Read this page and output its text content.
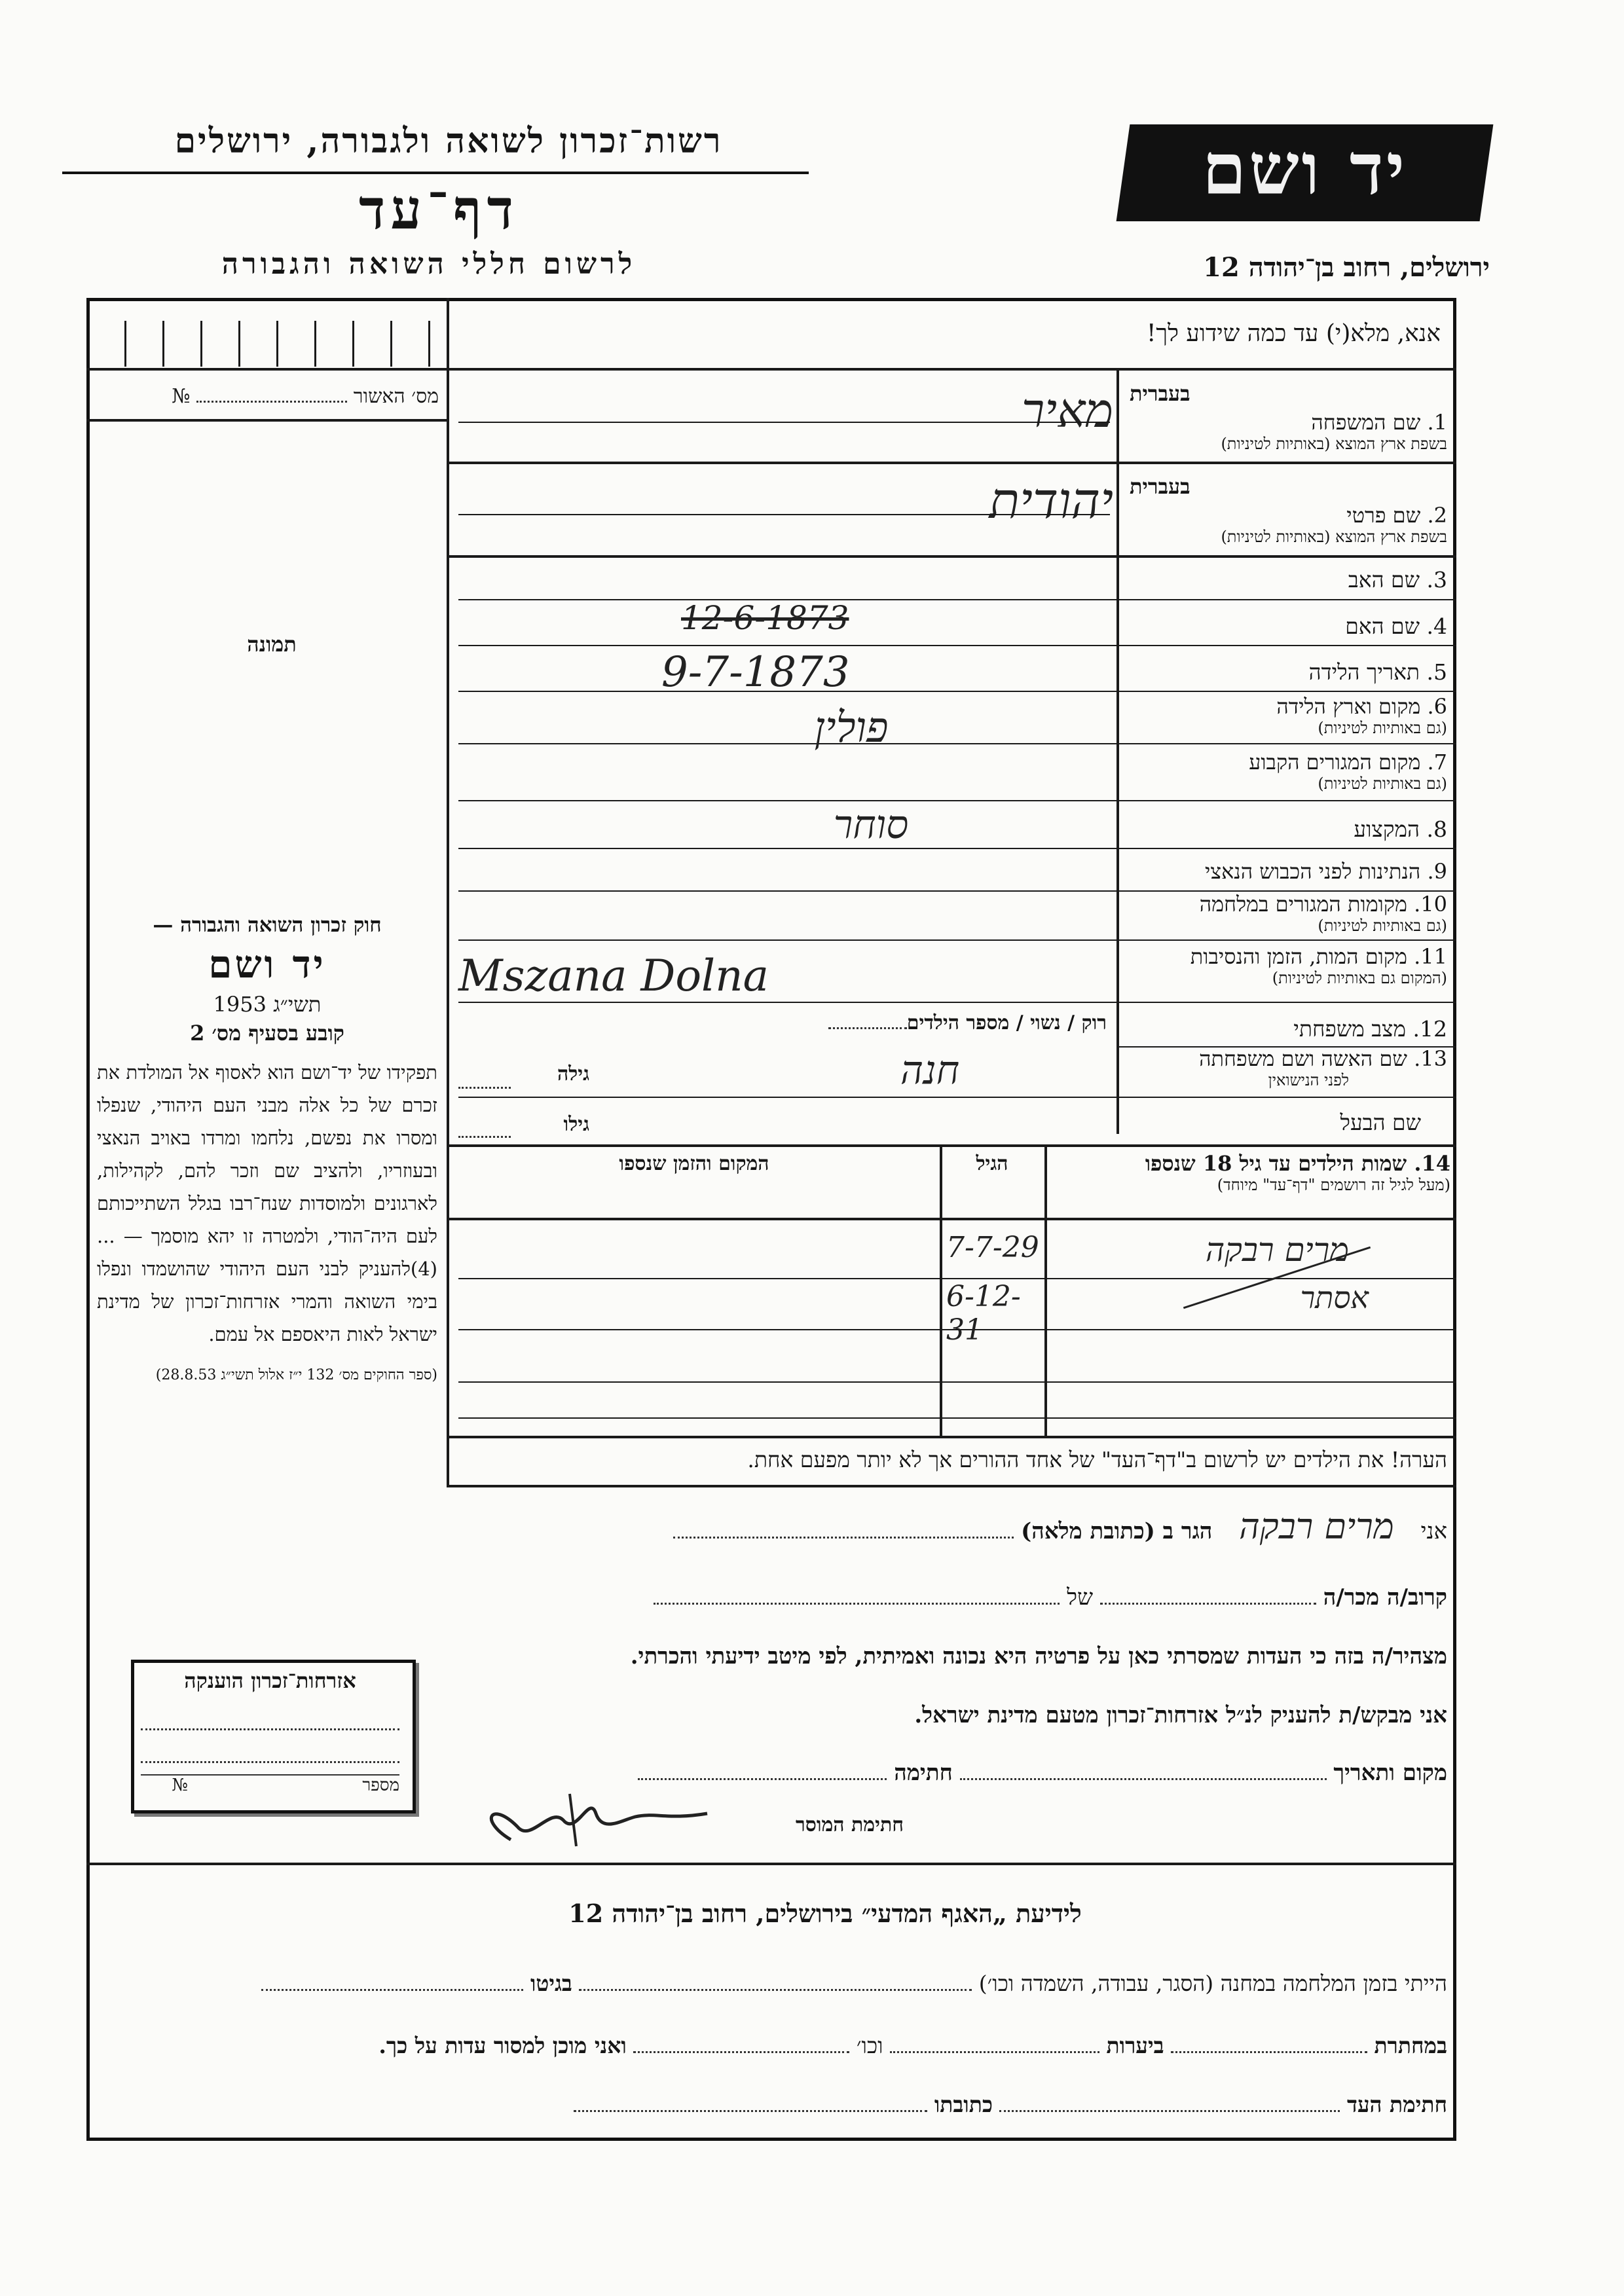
רשות־זכרון לשואה ולגבורה, ירושלים
דף־עד
לרשום חללי השואה והגבורה
יד ושם
ירושלים, רחוב בן־יהודה 12
אנא, מלא(י) עד כמה שידוע לך!
מס׳ האשור  №
תמונה
בעברית
1. שם המשפחה
בשפת ארץ המוצא (באותיות לטיניות)
מאיר
בעברית
2. שם פרטי
בשפת ארץ המוצא (באותיות לטיניות)
יהודית
3. שם האב
4. שם האם
12-6-1873
5. תאריך הלידה
9-7-1873
6. מקום וארץ הלידה
(גם באותיות לטיניות)
פולין
7. מקום המגורים הקבוע
(גם באותיות לטיניות)
8. המקצוע
סוחר
9. הנתינות לפני הכבוש הנאצי
10. מקומות המגורים במלחמה
(גם באותיות לטיניות)
11. מקום המות, הזמן והנסיבות
(המקום גם באותיות לטיניות)
Mszana Dolna
12. מצב משפחתי
רוק / נשוי / מספר הילדים
13. שם האשה ושם משפחתה
לפני הנישואין
חנה
גילה
שם הבעל
גילו
14. שמות הילדים עד גיל 18 שנספו
(מעל לגיל זה רושמים "דף־עד" מיוחד)
הגיל
המקום והזמן שנספו
מרים רבקה
7-7-29
אסתר
6-12-31
הערה! את הילדים יש לרשום ב"דף־העד" של אחד ההורים אך לא יותר מפעם אחת.
חוק זכרון השואה והגבורה —
יד ושם
תשי״ג 1953
קובע בסעיף מס׳ 2
תפקידו של יד־ושם הוא לאסוף אל המולדת את זכרם של כל אלה מבני העם היהודי, שנפלו ומסרו את נפשם, נלחמו ומרדו באויב הנאצי ובעוזריו, ולהציב שם וזכר להם, לקהילות, לארגונים ולמוסדות שנח־רבו בגלל השתייכותם לעם היה־הודי, ולמטרה זו יהא מוסמך — ...(4)להעניק לבני העם היהודי שהושמדו ונפלו בימי השואה והמרי אזרחות־זכרון של מדינת ישראל לאות היאספם אל עמם.
(ספר החוקים מס׳ 132 י״ז אלול תשי״ג 28.8.53)
אני מרים רבקה הגר ב (כתובת מלאה)
קרוב/ה מכר/ה  של
מצהיר/ה בזה כי העדות שמסרתי כאן על פרטיה היא נכונה ואמיתית, לפי מיטב ידיעתי והכרתי.
אני מבקש/ת להעניק לנ״ל אזרחות־זכרון מטעם מדינת ישראל.
מקום ותאריך  חתימה
חתימת המוסר
אזרחות־זכרון הוענקה
מספר  №
לידיעת „האגף המדעי״ בירושלים, רחוב בן־יהודה 12
הייתי בזמן המלחמה במחנה (הסגר, עבודה, השמדה וכו׳)  בגיטו
במחתרת  ביערות  וכו׳  ואני מוכן למסור עדות על כך.
חתימת העד  כתובתו
